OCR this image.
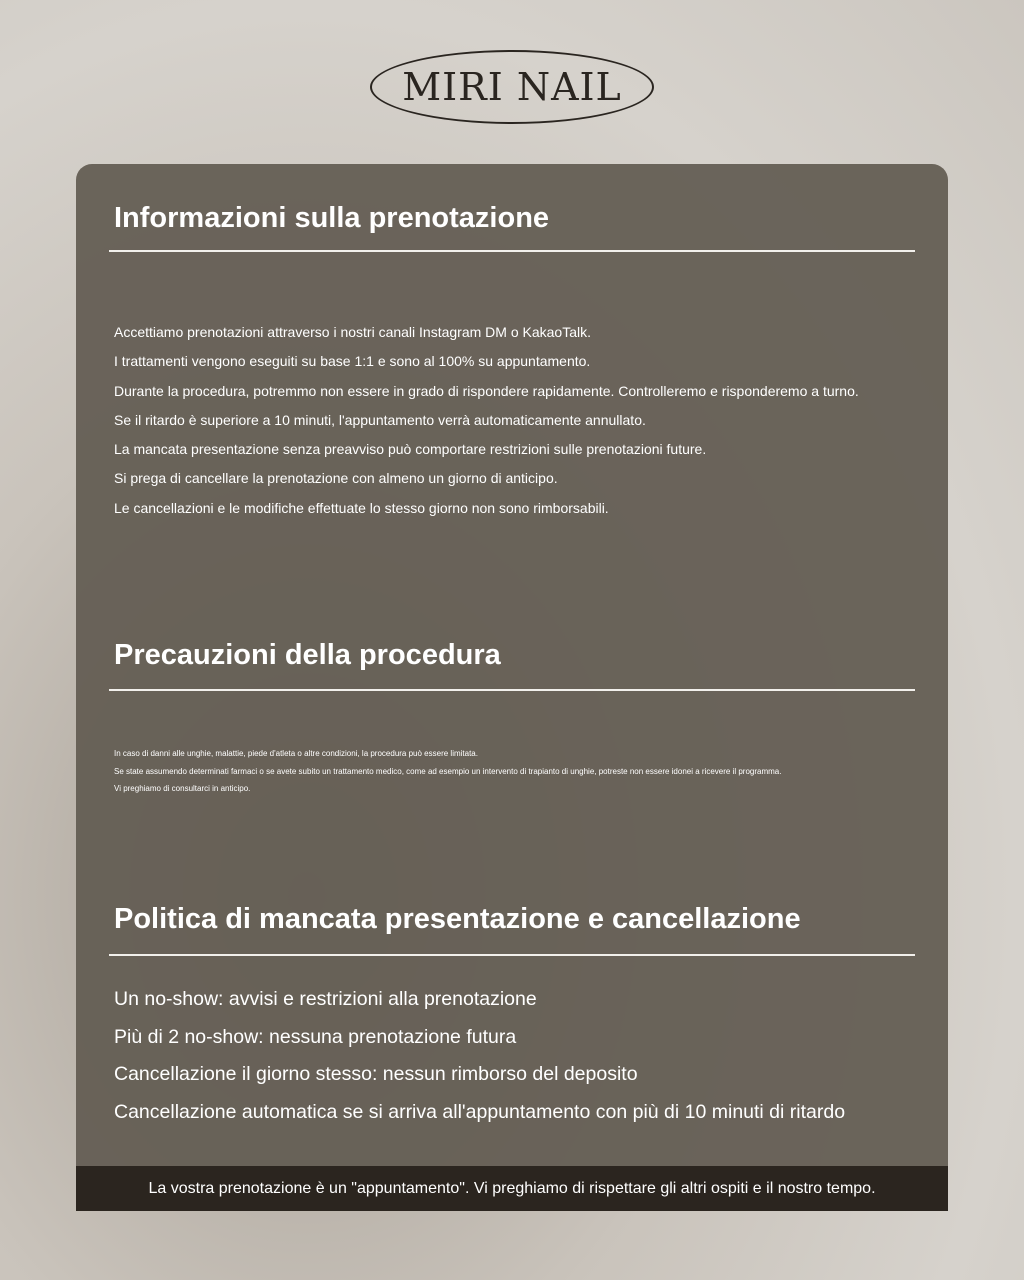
MIRI NAIL
Informazioni sulla prenotazione
Accettiamo prenotazioni attraverso i nostri canali Instagram DM o KakaoTalk.
I trattamenti vengono eseguiti su base 1:1 e sono al 100% su appuntamento.
Durante la procedura, potremmo non essere in grado di rispondere rapidamente. Controlleremo e risponderemo a turno.
Se il ritardo è superiore a 10 minuti, l'appuntamento verrà automaticamente annullato.
La mancata presentazione senza preavviso può comportare restrizioni sulle prenotazioni future.
Si prega di cancellare la prenotazione con almeno un giorno di anticipo.
Le cancellazioni e le modifiche effettuate lo stesso giorno non sono rimborsabili.
Precauzioni della procedura
In caso di danni alle unghie, malattie, piede d'atleta o altre condizioni, la procedura può essere limitata.
Se state assumendo determinati farmaci o se avete subito un trattamento medico, come ad esempio un intervento di trapianto di unghie, potreste non essere idonei a ricevere il programma.
Vi preghiamo di consultarci in anticipo.
Politica di mancata presentazione e cancellazione
Un no-show: avvisi e restrizioni alla prenotazione
Più di 2 no-show: nessuna prenotazione futura
Cancellazione il giorno stesso: nessun rimborso del deposito
Cancellazione automatica se si arriva all'appuntamento con più di 10 minuti di ritardo
La vostra prenotazione è un "appuntamento". Vi preghiamo di rispettare gli altri ospiti e il nostro tempo.
